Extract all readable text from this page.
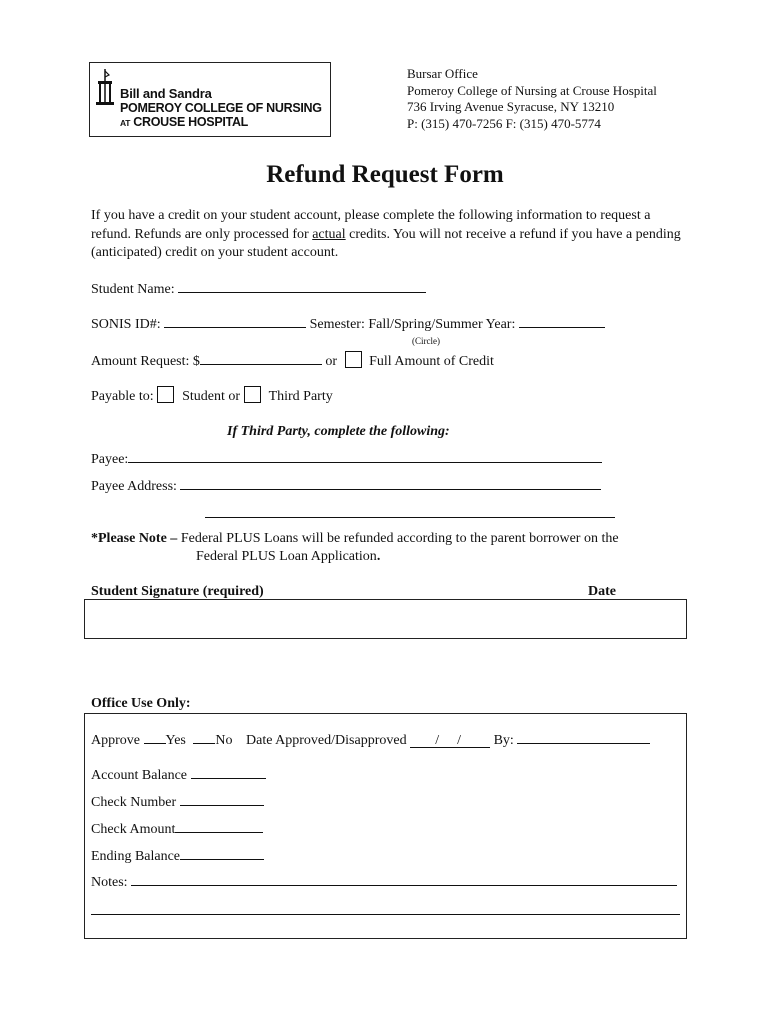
Bill and Sandra
POMEROY COLLEGE OF NURSING
AT CROUSE HOSPITAL
Bursar Office
Pomeroy College of Nursing at Crouse Hospital
736 Irving Avenue Syracuse, NY 13210
P: (315) 470-7256 F: (315) 470-5774
Refund Request Form
If you have a credit on your student account, please complete the following information to request a refund. Refunds are only processed for actual credits. You will not receive a refund if you have a pending (anticipated) credit on your student account.
Student Name:
SONIS ID#:	Semester: Fall/Spring/Summer Year:
(Circle)
Amount Request: $	or Full Amount of Credit
Payable to: Student or Third Party
If Third Party, complete the following:
Payee:
Payee Address:
*Please Note – Federal PLUS Loans will be refunded according to the parent borrower on the
Federal PLUS Loan Application.
Student Signature (required)	Date
Office Use Only:
Approve Yes No Date Approved/Disapproved // By:
Account Balance
Check Number
Check Amount
Ending Balance
Notes:
